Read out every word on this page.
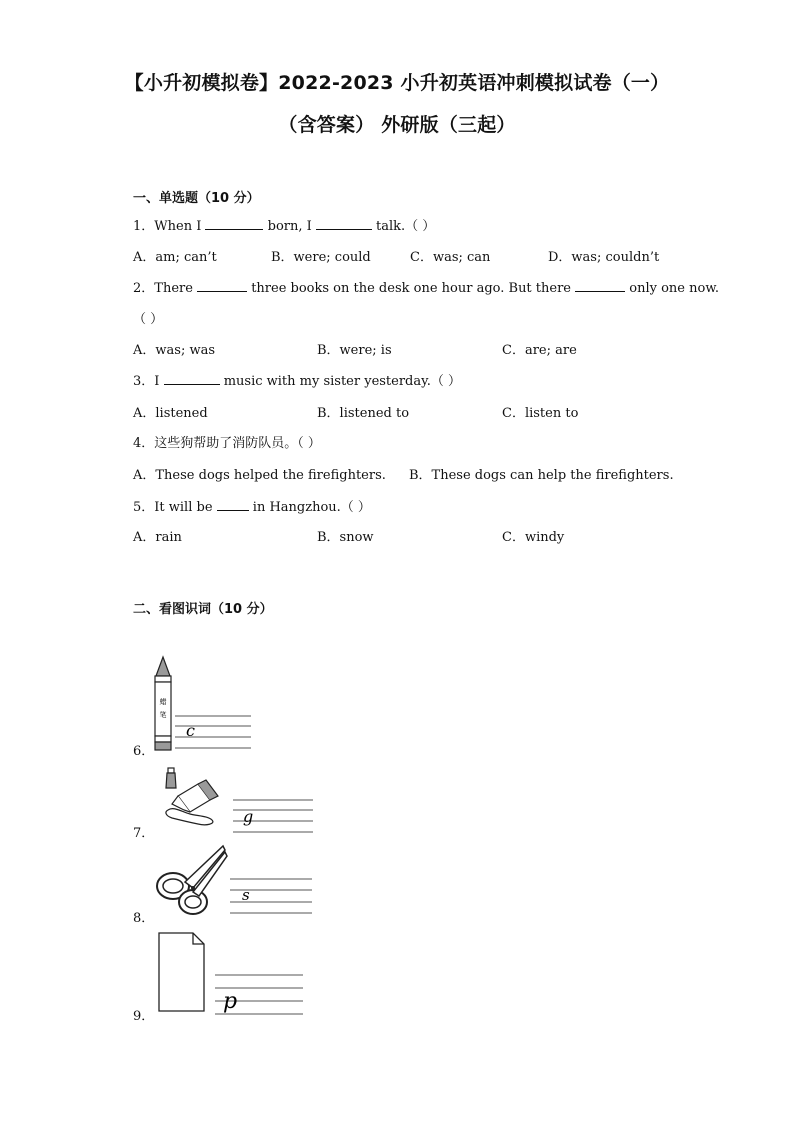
【小升初模拟卷】2022-2023 小升初英语冲刺模拟试卷（一）
（含答案） 外研版（三起）
一、单选题（10 分）
1．When I	born, I	talk.（ ）
A．am; can’t	B．were; could	C．was; can	D．was; couldn’t
2．There	three books on the desk one hour ago. But there	only one now.
（ ）
A．was; was	B．were; is	C．are; are
3．I	music with my sister yesterday.（ ）
A．listened	B．listened to	C．listen to
4．这些狗帮助了消防队员。（ ）
A．These dogs helped the firefighters. B．These dogs can help the firefighters.
5．It will be  in Hangzhou.（ ）
A．rain	B．snow	C．windy
二、看图识词（10 分）
6．
蜡
笔
c
7．
g
8．
s
9．
p
